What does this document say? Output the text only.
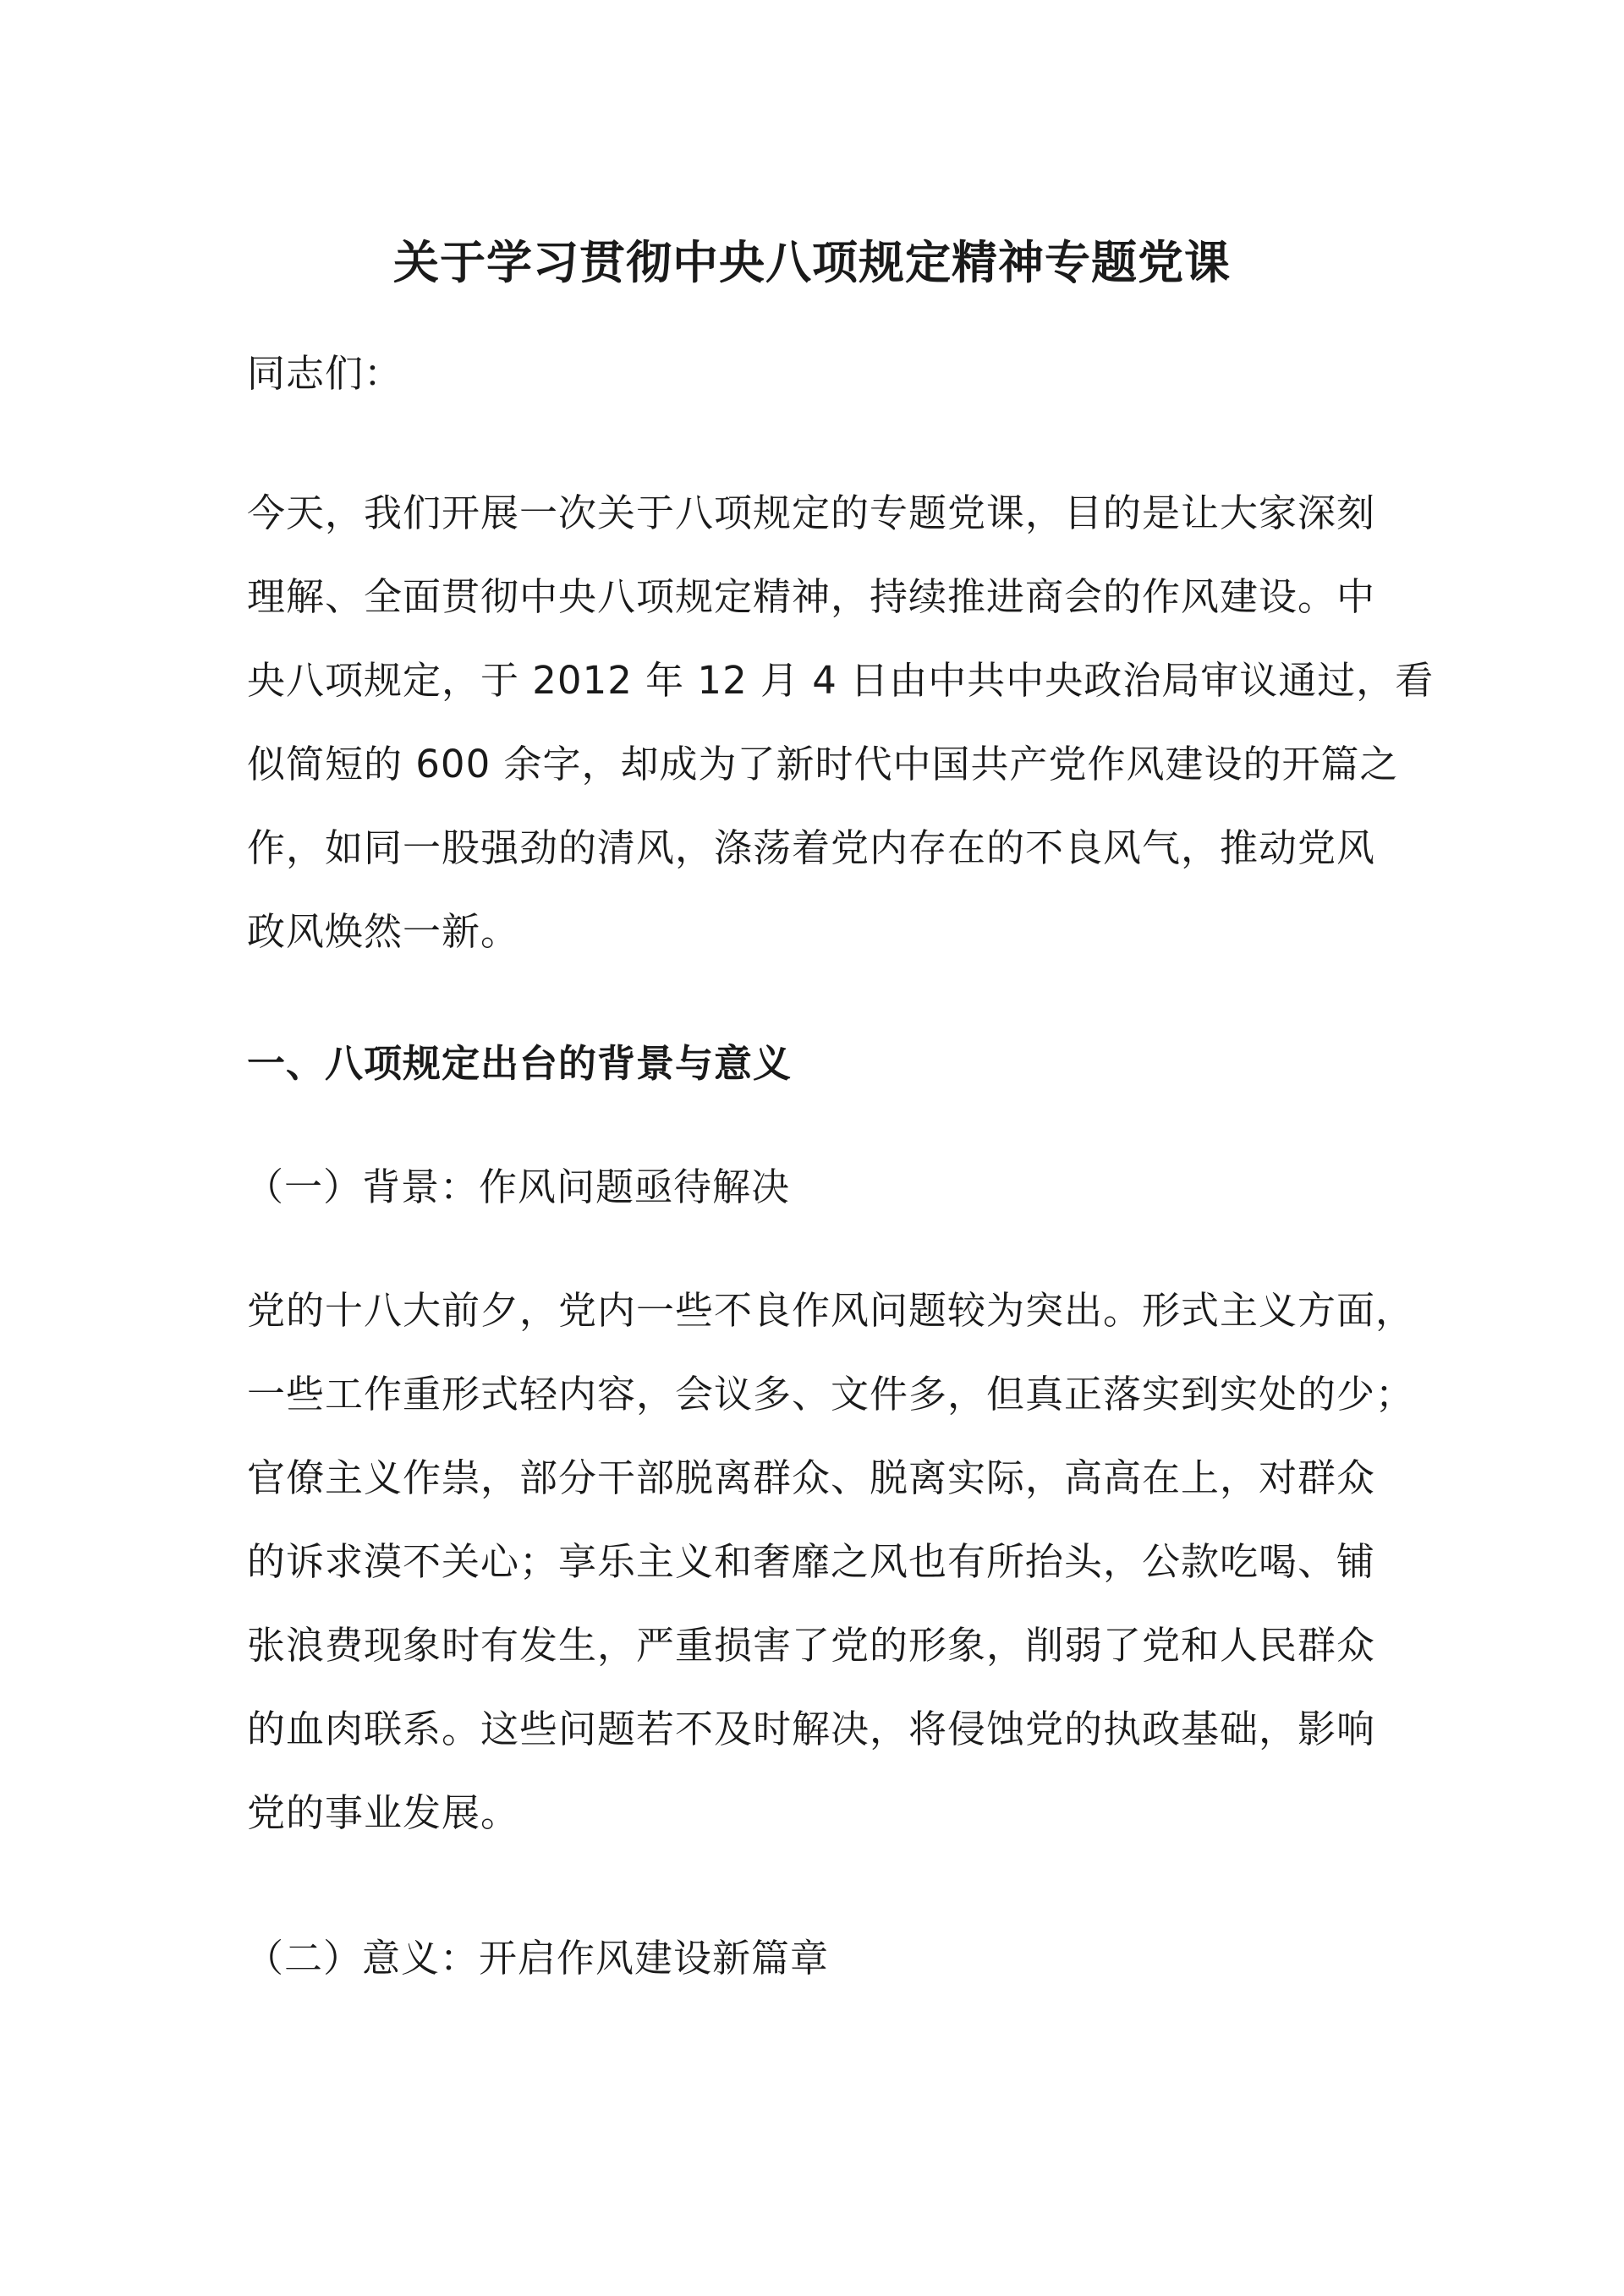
关于学习贯彻中央八项规定精神专题党课

同志们：

今天，我们开展一次关于八项规定的专题党课，目的是让大家深刻
理解、全面贯彻中央八项规定精神，持续推进商会的作风建设。中
央八项规定，于 2012 年 12 月 4 日由中共中央政治局审议通过，看
似简短的 600 余字，却成为了新时代中国共产党作风建设的开篇之
作，如同一股强劲的清风，涤荡着党内存在的不良风气，推动党风
政风焕然一新。
一、八项规定出台的背景与意义

（一）背景：作风问题亟待解决

党的十八大前夕，党内一些不良作风问题较为突出。形式主义方面，
一些工作重形式轻内容，会议多、文件多，但真正落实到实处的少；
官僚主义作祟，部分干部脱离群众、脱离实际，高高在上，对群众
的诉求漠不关心；享乐主义和奢靡之风也有所抬头，公款吃喝、铺
张浪费现象时有发生，严重损害了党的形象，削弱了党和人民群众
的血肉联系。这些问题若不及时解决，将侵蚀党的执政基础，影响
党的事业发展。

（二）意义：开启作风建设新篇章
